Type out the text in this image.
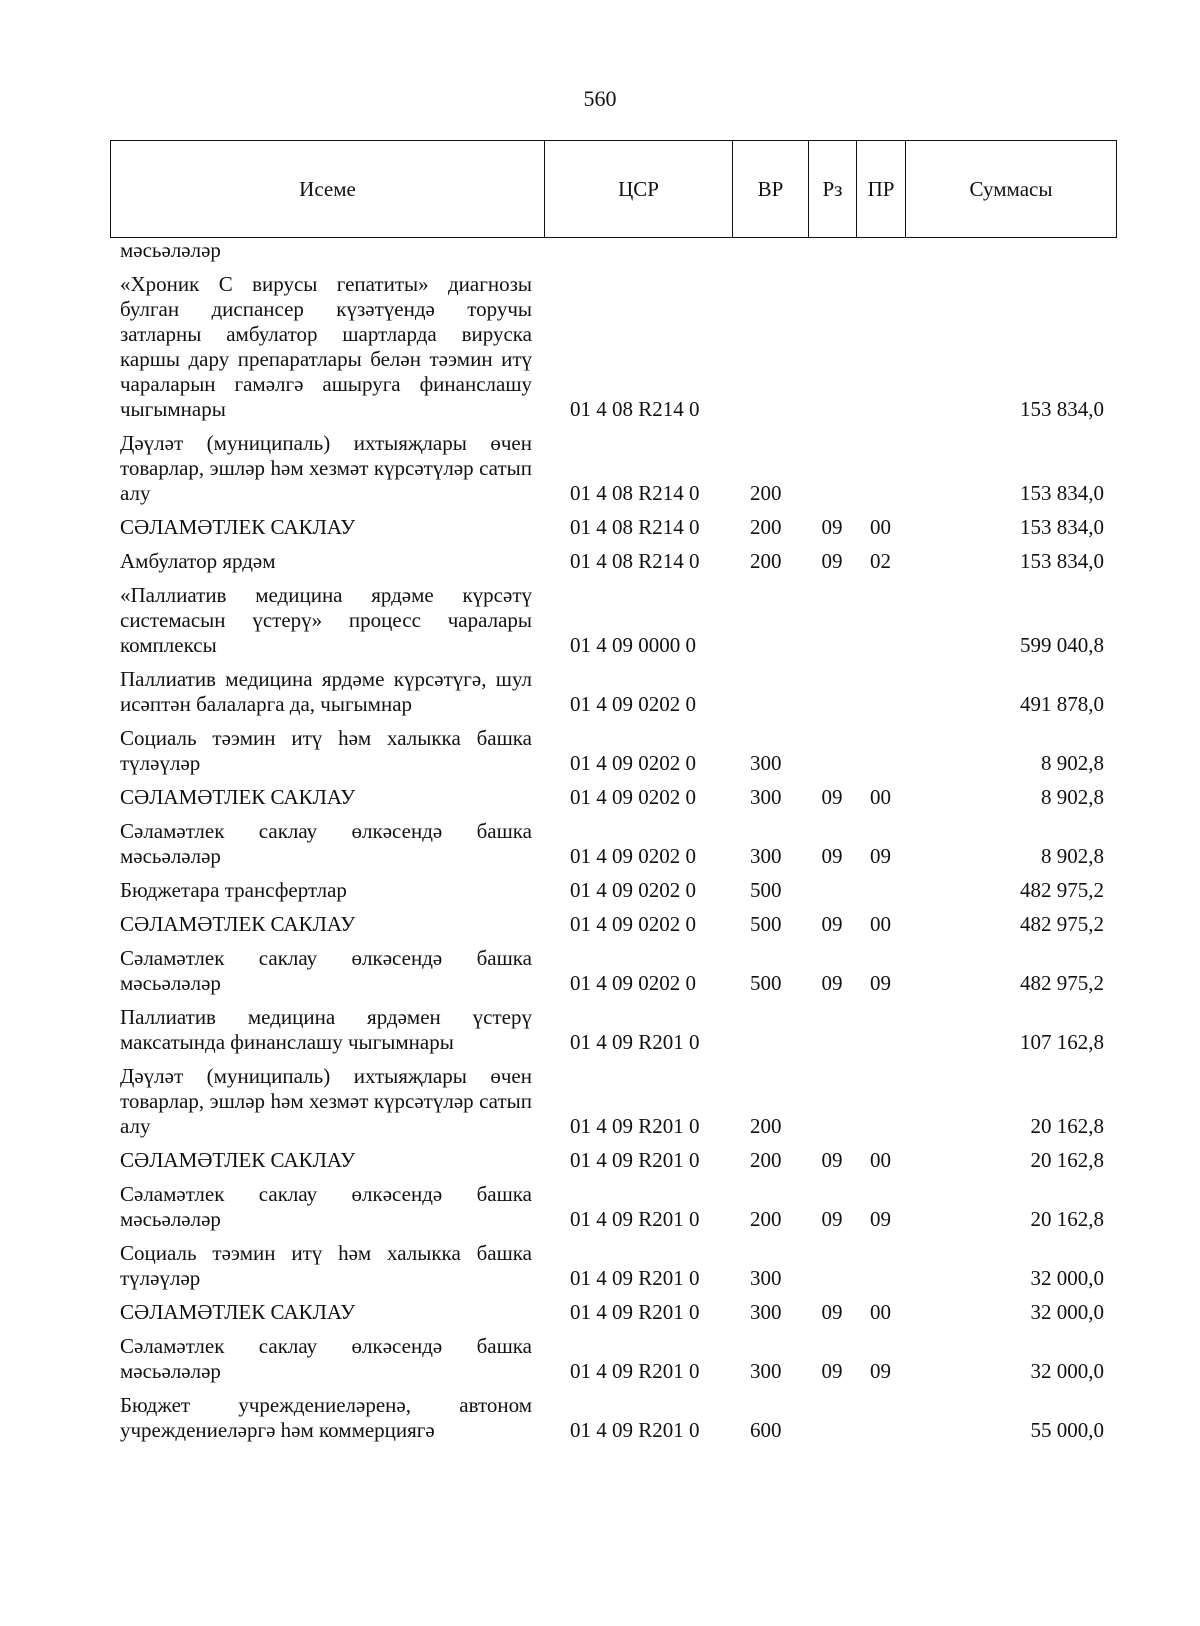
560
Исеме	ЦСР	ВР	Рз	ПР	Суммасы
мәсьәләләр					
«Хроник С вирусы гепатиты» диагнозы булган диспансер күзәтүендә торучы затларны амбулатор шартларда вируска каршы дару препаратлары белән тәэмин итү чараларын гамәлгә ашыруга финанслашу чыгымнары	01 4 08 R214 0				153 834,0
Дәүләт (муниципаль) ихтыяҗлары өчен товарлар, эшләр һәм хезмәт күрсәтүләр сатып алу	01 4 08 R214 0	200			153 834,0
СӘЛАМӘТЛЕК САКЛАУ	01 4 08 R214 0	200	09	00	153 834,0
Амбулатор ярдәм	01 4 08 R214 0	200	09	02	153 834,0
«Паллиатив медицина ярдәме күрсәтү системасын үстерү» процесс чаралары комплексы	01 4 09 0000 0				599 040,8
Паллиатив медицина ярдәме күрсәтүгә, шул исәптән балаларга да, чыгымнар	01 4 09 0202 0				491 878,0
Социаль тәэмин итү һәм халыкка башка түләүләр	01 4 09 0202 0	300			8 902,8
СӘЛАМӘТЛЕК САКЛАУ	01 4 09 0202 0	300	09	00	8 902,8
Сәламәтлек саклау өлкәсендә башка мәсьәләләр	01 4 09 0202 0	300	09	09	8 902,8
Бюджетара трансфертлар	01 4 09 0202 0	500			482 975,2
СӘЛАМӘТЛЕК САКЛАУ	01 4 09 0202 0	500	09	00	482 975,2
Сәламәтлек саклау өлкәсендә башка мәсьәләләр	01 4 09 0202 0	500	09	09	482 975,2
Паллиатив медицина ярдәмен үстерү максатында финанслашу чыгымнары	01 4 09 R201 0				107 162,8
Дәүләт (муниципаль) ихтыяҗлары өчен товарлар, эшләр һәм хезмәт күрсәтүләр сатып алу	01 4 09 R201 0	200			20 162,8
СӘЛАМӘТЛЕК САКЛАУ	01 4 09 R201 0	200	09	00	20 162,8
Сәламәтлек саклау өлкәсендә башка мәсьәләләр	01 4 09 R201 0	200	09	09	20 162,8
Социаль тәэмин итү һәм халыкка башка түләүләр	01 4 09 R201 0	300			32 000,0
СӘЛАМӘТЛЕК САКЛАУ	01 4 09 R201 0	300	09	00	32 000,0
Сәламәтлек саклау өлкәсендә башка мәсьәләләр	01 4 09 R201 0	300	09	09	32 000,0
Бюджет учреждениеләренә, автоном учреждениеләргә һәм коммерциягә	01 4 09 R201 0	600			55 000,0
